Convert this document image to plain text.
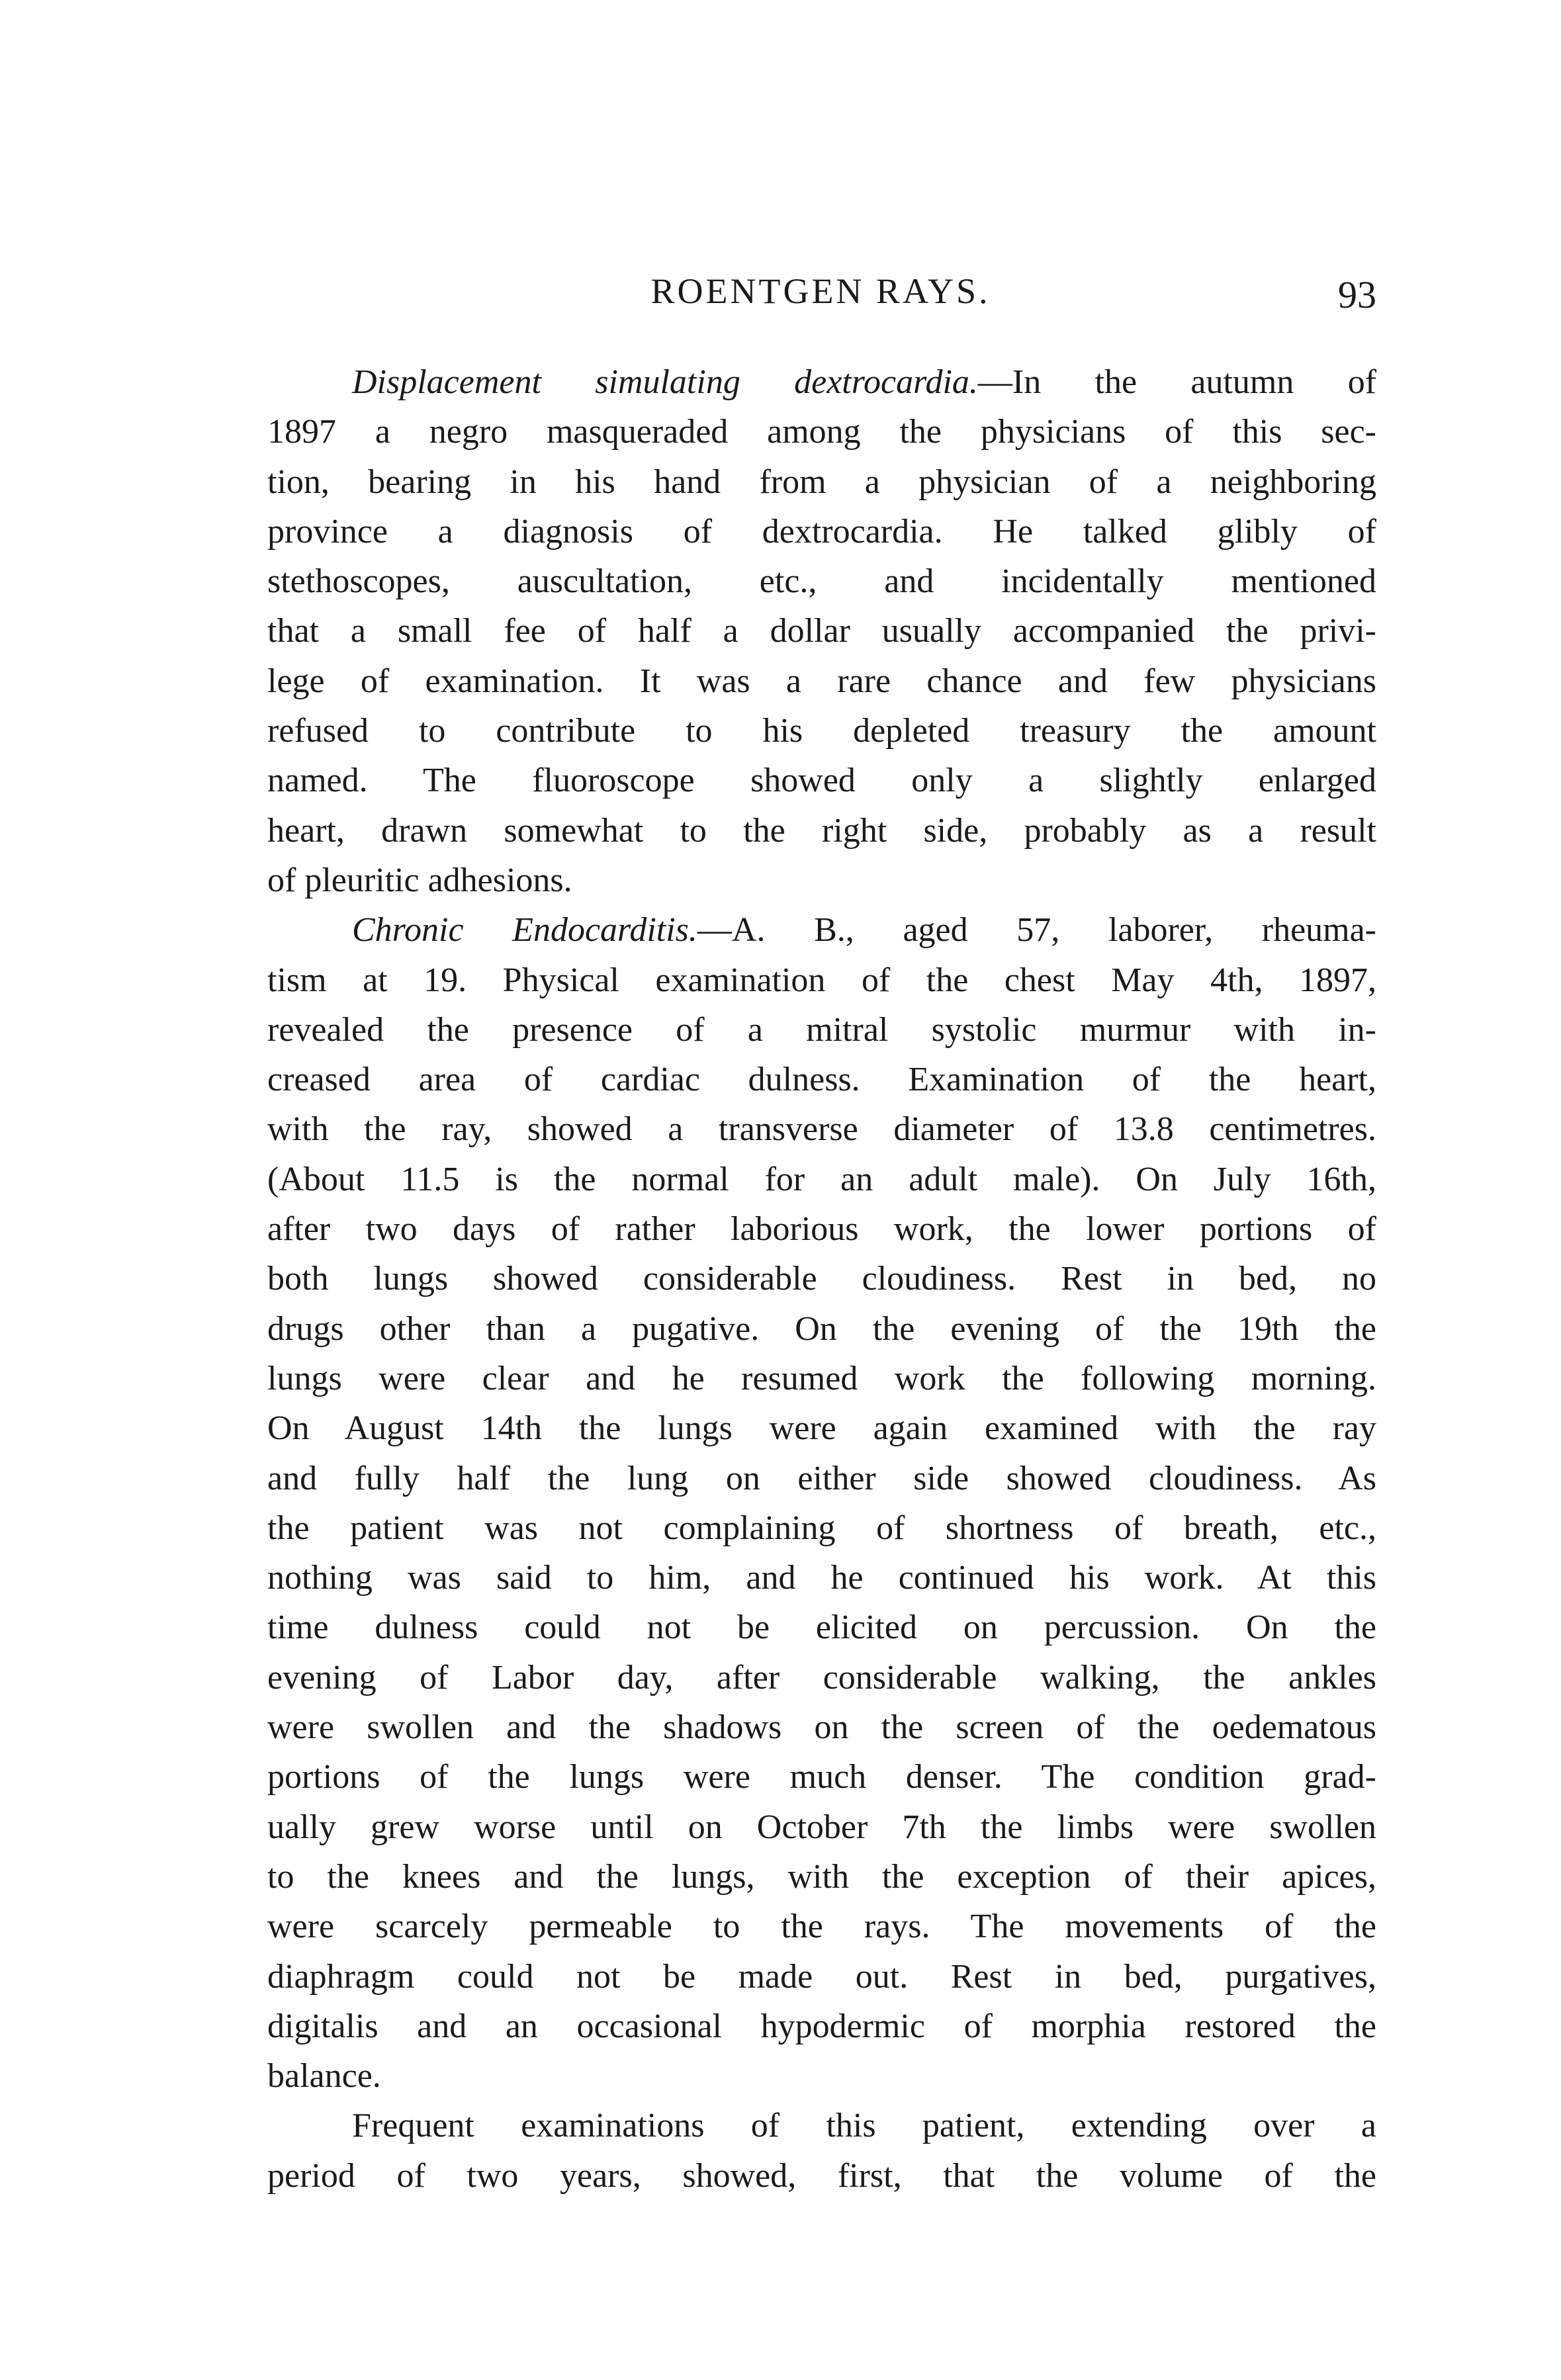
ROENTGEN RAYS.	93
Displacement simulating dextrocardia.—In the autumn of
1897 a negro masqueraded among the physicians of this sec-
tion, bearing in his hand from a physician of a neighboring
province a diagnosis of dextrocardia. He talked glibly of
stethoscopes, auscultation, etc., and incidentally mentioned
that a small fee of half a dollar usually accompanied the privi-
lege of examination. It was a rare chance and few physicians
refused to contribute to his depleted treasury the amount
named. The fluoroscope showed only a slightly enlarged
heart, drawn somewhat to the right side, probably as a result
of pleuritic adhesions.
Chronic Endocarditis.—A. B., aged 57, laborer, rheuma-
tism at 19. Physical examination of the chest May 4th, 1897,
revealed the presence of a mitral systolic murmur with in-
creased area of cardiac dulness. Examination of the heart,
with the ray, showed a transverse diameter of 13.8 centimetres.
(About 11.5 is the normal for an adult male). On July 16th,
after two days of rather laborious work, the lower portions of
both lungs showed considerable cloudiness. Rest in bed, no
drugs other than a pugative. On the evening of the 19th the
lungs were clear and he resumed work the following morning.
On August 14th the lungs were again examined with the ray
and fully half the lung on either side showed cloudiness. As
the patient was not complaining of shortness of breath, etc.,
nothing was said to him, and he continued his work. At this
time dulness could not be elicited on percussion. On the
evening of Labor day, after considerable walking, the ankles
were swollen and the shadows on the screen of the oedematous
portions of the lungs were much denser. The condition grad-
ually grew worse until on October 7th the limbs were swollen
to the knees and the lungs, with the exception of their apices,
were scarcely permeable to the rays. The movements of the
diaphragm could not be made out. Rest in bed, purgatives,
digitalis and an occasional hypodermic of morphia restored the
balance.
Frequent examinations of this patient, extending over a
period of two years, showed, first, that the volume of the
